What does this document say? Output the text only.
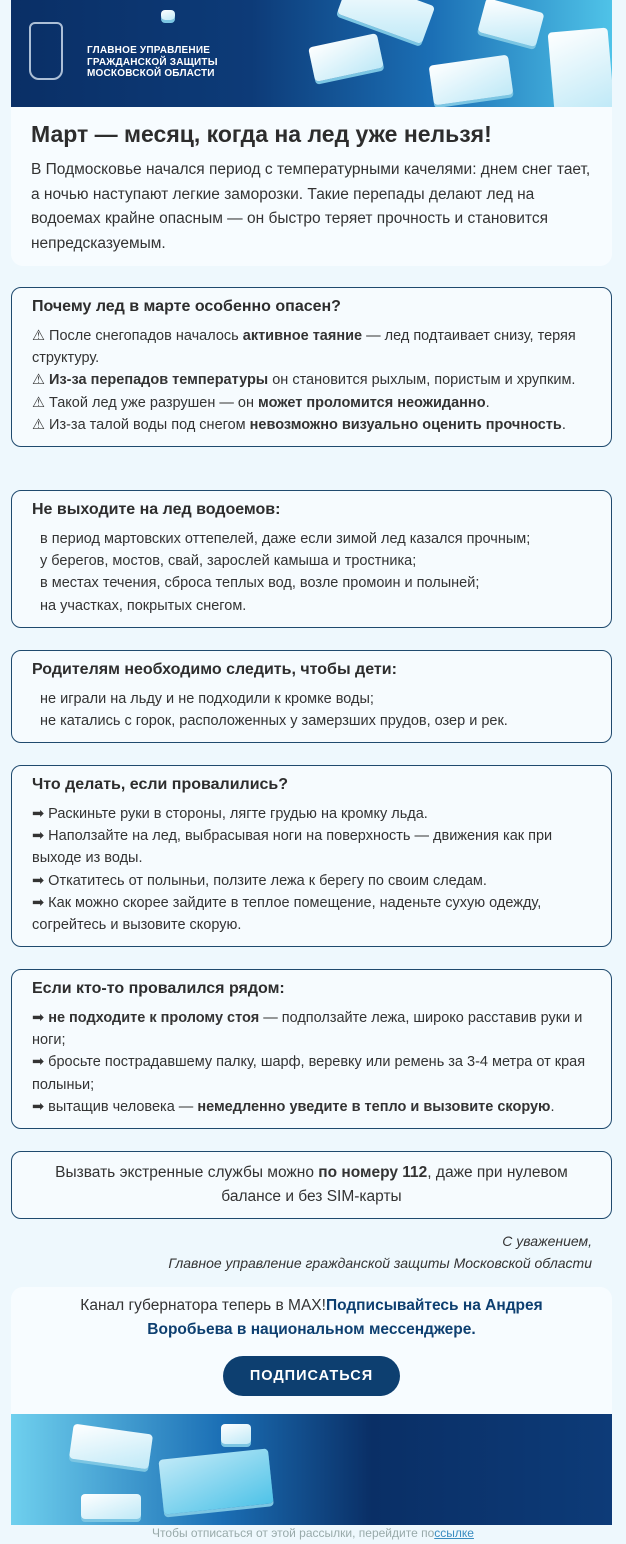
ГЛАВНОЕ УПРАВЛЕНИЕ
ГРАЖДАНСКОЙ ЗАЩИТЫ
МОСКОВСКОЙ ОБЛАСТИ
Март — месяц, когда на лед уже нельзя!

В Подмосковье начался период с температурными качелями: днем снег тает, а ночью наступают легкие заморозки. Такие перепады делают лед на водоемах крайне опасным — он быстро теряет прочность и становится непредсказуемым.

Почему лед в марте особенно опасен?
⚠ После снегопадов началось активное таяние — лед подтаивает снизу, теряя структуру.
⚠ Из-за перепадов температуры он становится рыхлым, пористым и хрупким.
⚠ Такой лед уже разрушен — он может проломится неожиданно.
⚠ Из-за талой воды под снегом невозможно визуально оценить прочность.
Не выходите на лед водоемов:
в период мартовских оттепелей, даже если зимой лед казался прочным;
у берегов, мостов, свай, зарослей камыша и тростника;
в местах течения, сброса теплых вод, возле промоин и полыней;
на участках, покрытых снегом.
Родителям необходимо следить, чтобы дети:
не играли на льду и не подходили к кромке воды;
не катались с горок, расположенных у замерзших прудов, озер и рек.
Что делать, если провалились?
➡ Раскиньте руки в стороны, лягте грудью на кромку льда.
➡ Наползайте на лед, выбрасывая ноги на поверхность — движения как при выходе из воды.
➡ Откатитесь от полыньи, ползите лежа к берегу по своим следам.
➡ Как можно скорее зайдите в теплое помещение, наденьте сухую одежду, согрейтесь и вызовите скорую.
Если кто-то провалился рядом:
➡ не подходите к пролому стоя — подползайте лежа, широко расставив руки и ноги;
➡ бросьте пострадавшему палку, шарф, веревку или ремень за 3-4 метра от края полыньи;
➡ вытащив человека — немедленно уведите в тепло и вызовите скорую.
Вызвать экстренные службы можно по номеру 112, даже при нулевом балансе и без SIM-карты
С уважением,
Главное управление гражданской защиты Московской области

Канал губернатора теперь в MAX!Подписывайтесь на Андрея Воробьева в национальном мессенджере.

ПОДПИСАТЬСЯ
Чтобы отписаться от этой рассылки, перейдите поссылке
